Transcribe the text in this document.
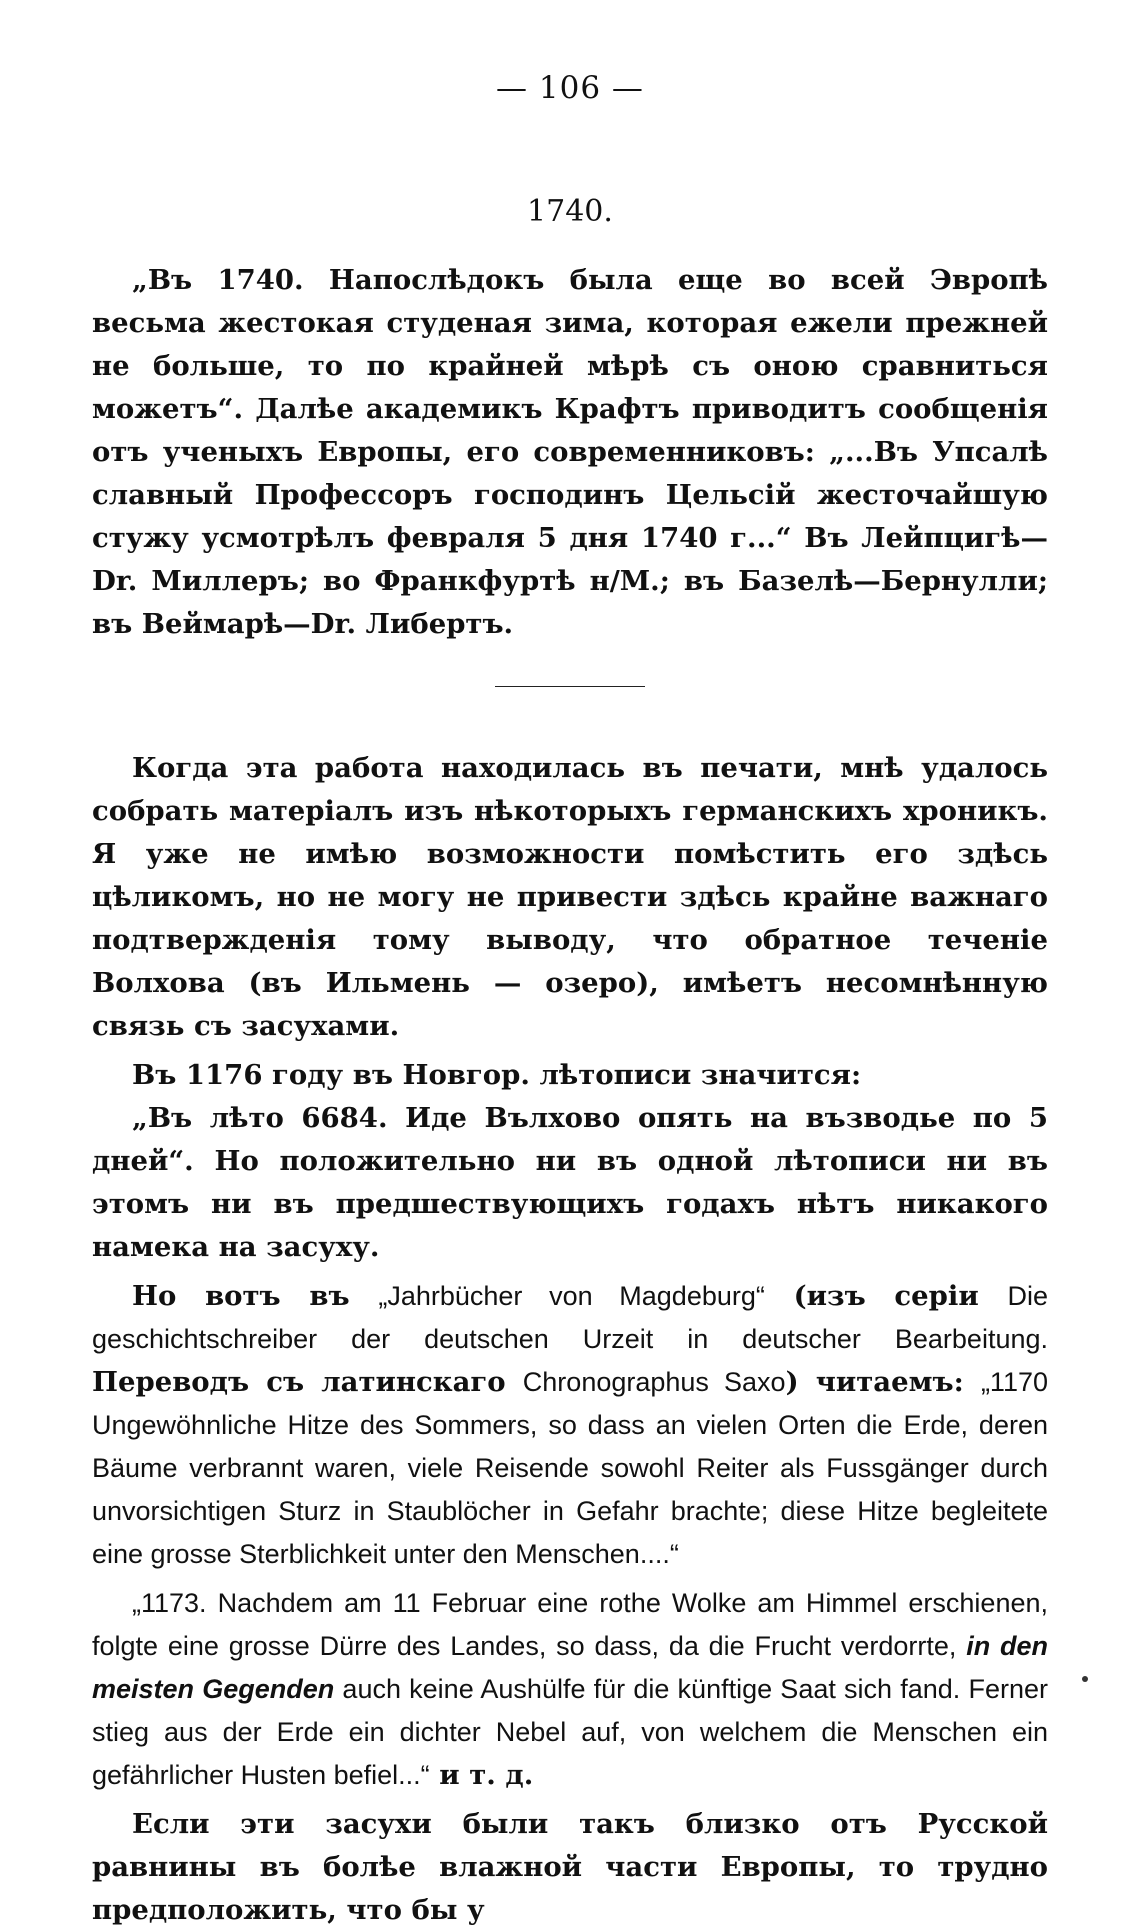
— 106 —
1740.

„Въ 1740. Напослѣдокъ была еще во всей Эвропѣ весьма жестокая студеная зима, которая ежели прежней не больше, то по крайней мѣрѣ съ оною сравниться можетъ“. Далѣе академикъ Крафтъ приводитъ сообщенія отъ ученыхъ Европы, его современниковъ: „...Въ Упсалѣ славный Профессоръ господинъ Цельсій жесточайшую стужу усмотрѣлъ февраля 5 дня 1740 г...“ Въ Лейпцигѣ—Dr. Миллеръ; во Франкфуртѣ н/М.; въ Базелѣ—Бернулли; въ Веймарѣ—Dr. Либертъ.

Когда эта работа находилась въ печати, мнѣ удалось собрать матеріалъ изъ нѣкоторыхъ германскихъ хроникъ. Я уже не имѣю возможности помѣстить его здѣсь цѣликомъ, но не могу не привести здѣсь крайне важнаго подтвержденія тому выводу, что обратное теченіе Волхова (въ Ильмень — озеро), имѣетъ несомнѣнную связь съ засухами.

Въ 1176 году въ Новгор. лѣтописи значится:

„Въ лѣто 6684. Иде Вълхово опять на възводье по 5 дней“. Но положительно ни въ одной лѣтописи ни въ этомъ ни въ предшествующихъ годахъ нѣтъ никакого намека на засуху.

Но вотъ въ „Jahrbücher von Magdeburg“ (изъ серіи Die geschichtschreiber der deutschen Urzeit in deutscher Bearbeitung. Переводъ съ латинскаго Chronographus Saxo) читаемъ: „1170 Ungewöhnliche Hitze des Sommers, so dass an vielen Orten die Erde, deren Bäume verbrannt waren, viele Reisende sowohl Reiter als Fussgänger durch unvorsichtigen Sturz in Staublöcher in Gefahr brachte; diese Hitze begleitete eine grosse Sterblichkeit unter den Menschen....“

„1173. Nachdem am 11 Februar eine rothe Wolke am Himmel erschienen, folgte eine grosse Dürre des Landes, so dass, da die Frucht verdorrte, in den meisten Gegenden auch keine Aushülfe für die künftige Saat sich fand. Ferner stieg aus der Erde ein dichter Nebel auf, von welchem die Menschen ein gefährlicher Husten befiel...“ и т. д.

Если эти засухи были такъ близко отъ Русской равнины въ болѣе влажной части Европы, то трудно предположить, что бы у
